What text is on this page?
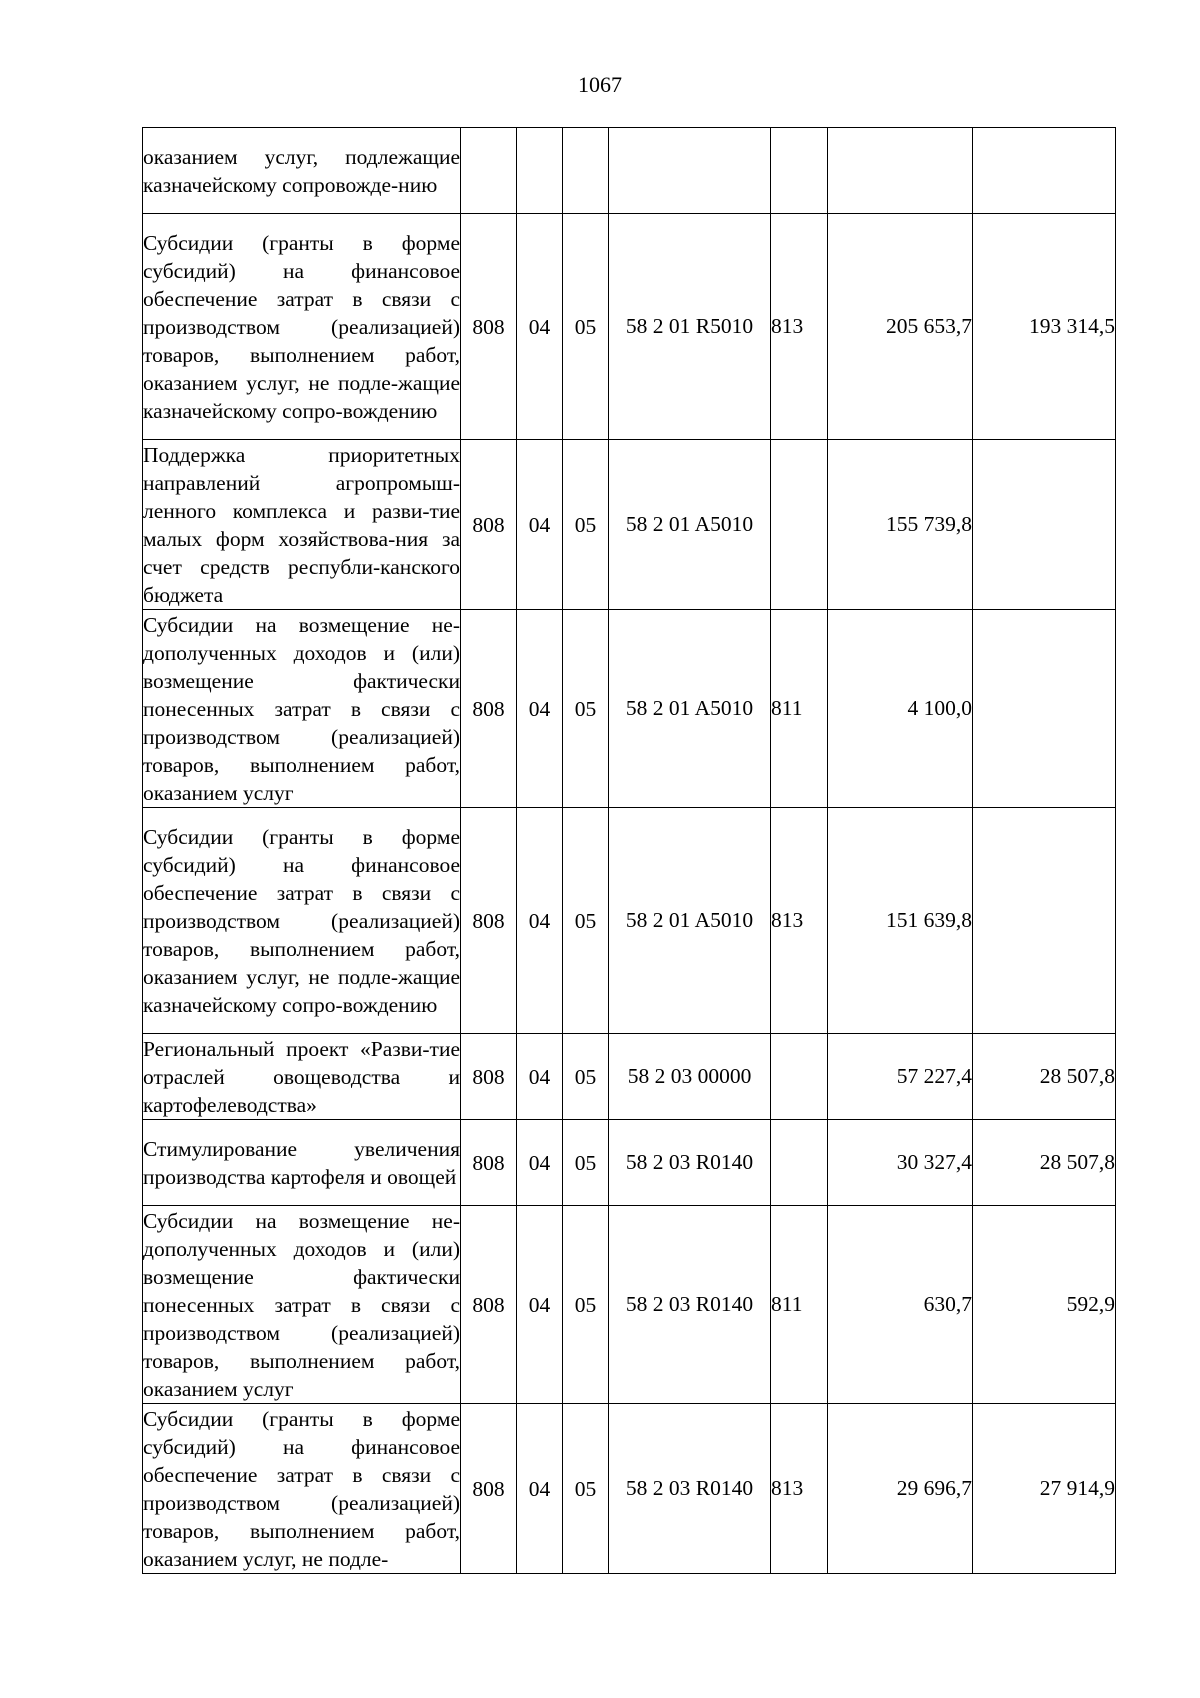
1067
оказанием услуг, подлежащие казначейскому сопровожде-нию							
Субсидии (гранты в форме субсидий) на финансовое обеспечение затрат в связи с производством (реализацией) товаров, выполнением работ, оказанием услуг, не подле-жащие казначейскому сопро-вождению	808	04	05	58 2 01 R5010	813	205 653,7	193 314,5
Поддержка приоритетных направлений агропромыш-ленного комплекса и разви-тие малых форм хозяйствова-ния за счет средств республи-канского бюджета	808	04	05	58 2 01 A5010		155 739,8	
Субсидии на возмещение не-дополученных доходов и (или) возмещение фактически понесенных затрат в связи с производством (реализацией) товаров, выполнением работ, оказанием услуг	808	04	05	58 2 01 A5010	811	4 100,0	
Субсидии (гранты в форме субсидий) на финансовое обеспечение затрат в связи с производством (реализацией) товаров, выполнением работ, оказанием услуг, не подле-жащие казначейскому сопро-вождению	808	04	05	58 2 01 A5010	813	151 639,8	
Региональный проект «Разви-тие отраслей овощеводства и картофелеводства»	808	04	05	58 2 03 00000		57 227,4	28 507,8
Стимулирование увеличения производства картофеля и овощей	808	04	05	58 2 03 R0140		30 327,4	28 507,8
Субсидии на возмещение не-дополученных доходов и (или) возмещение фактически понесенных затрат в связи с производством (реализацией) товаров, выполнением работ, оказанием услуг	808	04	05	58 2 03 R0140	811	630,7	592,9
Субсидии (гранты в форме субсидий) на финансовое обеспечение затрат в связи с производством (реализацией) товаров, выполнением работ, оказанием услуг, не подле-	808	04	05	58 2 03 R0140	813	29 696,7	27 914,9
